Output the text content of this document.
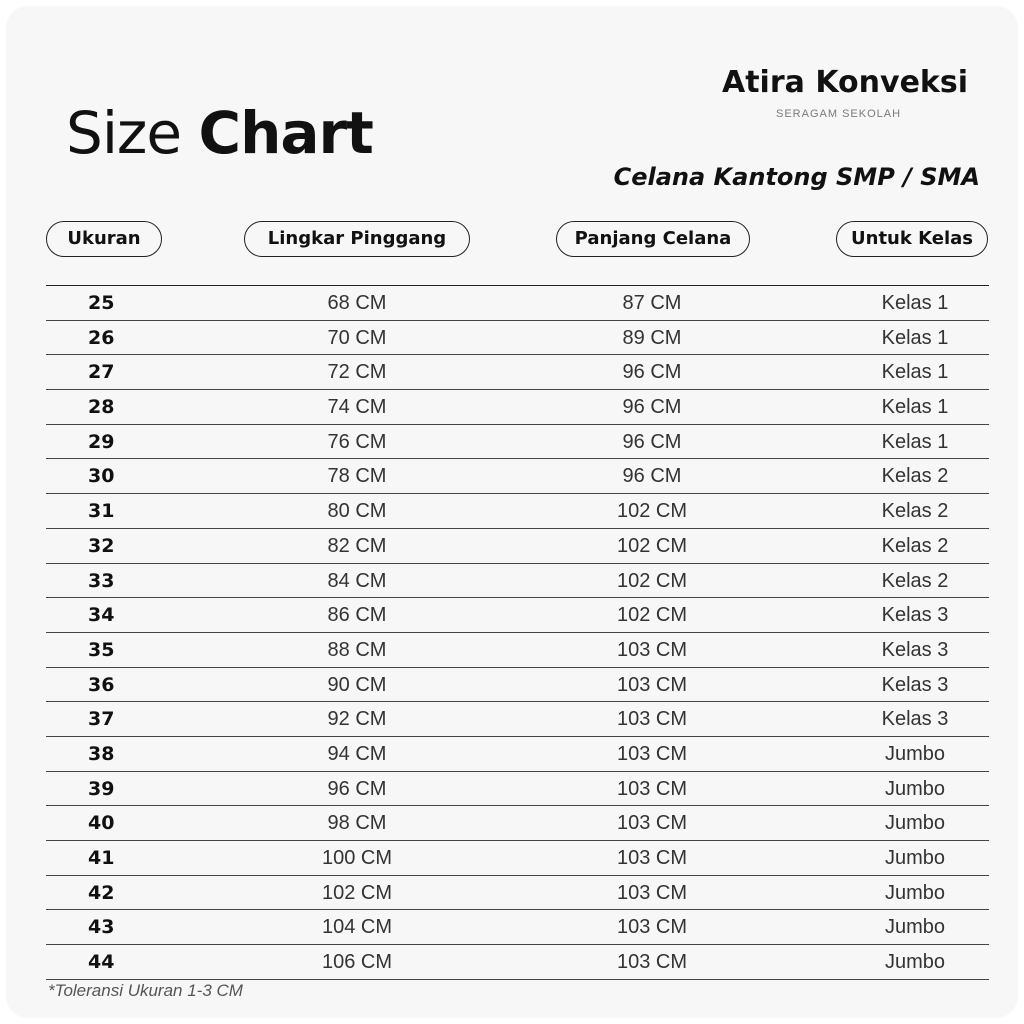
Size Chart
Atira Konveksi
SERAGAM SEKOLAH
Celana Kantong SMP / SMA
Ukuran	Lingkar Pinggang	Panjang Celana	Untuk Kelas
25	68 CM	87 CM	Kelas 1
26	70 CM	89 CM	Kelas 1
27	72 CM	96 CM	Kelas 1
28	74 CM	96 CM	Kelas 1
29	76 CM	96 CM	Kelas 1
30	78 CM	96 CM	Kelas 2
31	80 CM	102 CM	Kelas 2
32	82 CM	102 CM	Kelas 2
33	84 CM	102 CM	Kelas 2
34	86 CM	102 CM	Kelas 3
35	88 CM	103 CM	Kelas 3
36	90 CM	103 CM	Kelas 3
37	92 CM	103 CM	Kelas 3
38	94 CM	103 CM	Jumbo
39	96 CM	103 CM	Jumbo
40	98 CM	103 CM	Jumbo
41	100 CM	103 CM	Jumbo
42	102 CM	103 CM	Jumbo
43	104 CM	103 CM	Jumbo
44	106 CM	103 CM	Jumbo
*Toleransi Ukuran 1-3 CM
